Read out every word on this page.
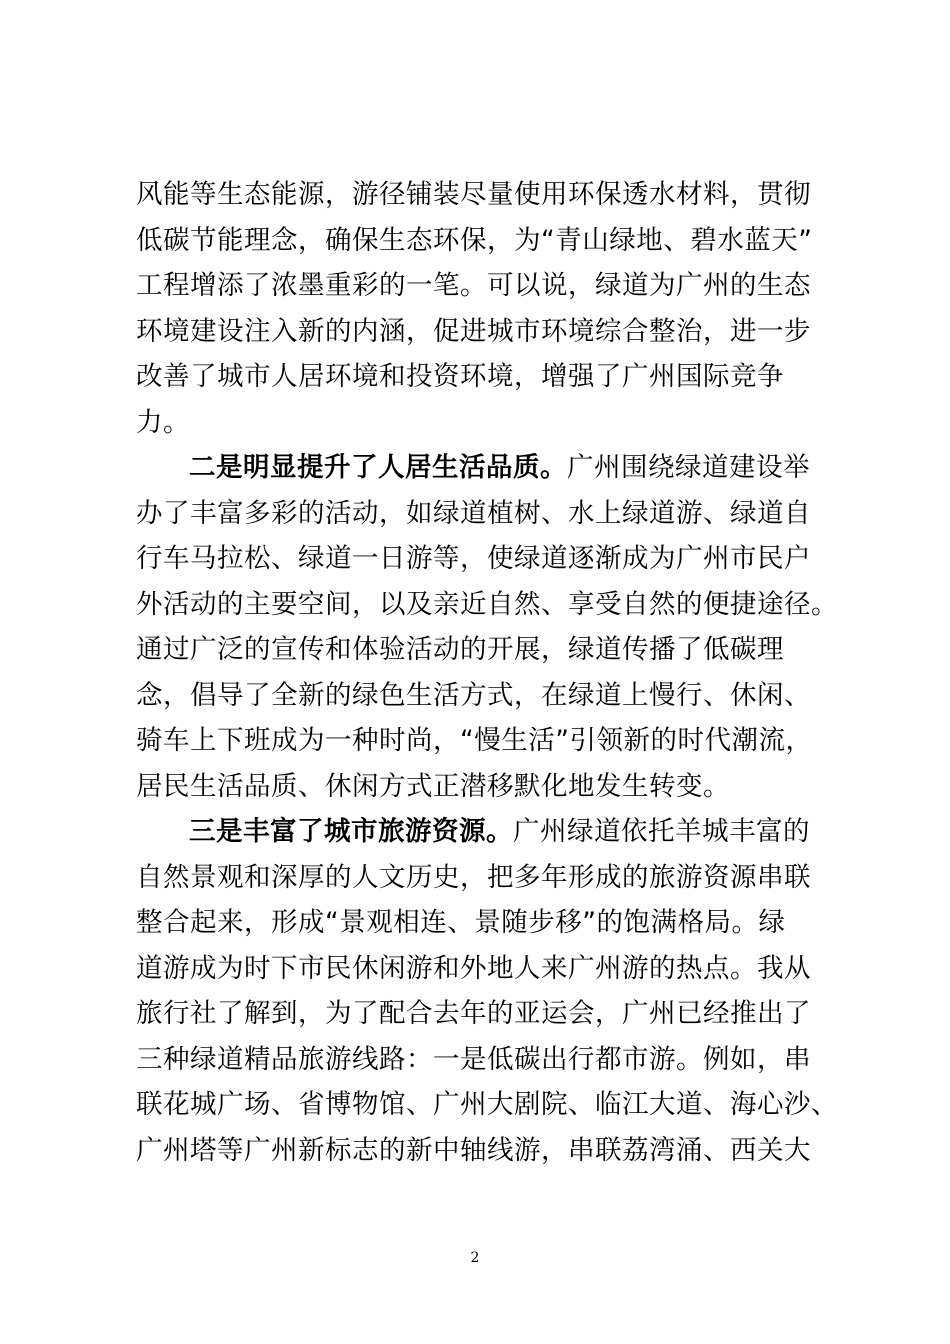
风能等生态能源，游径铺装尽量使用环保透水材料，贯彻
低碳节能理念，确保生态环保，为“青山绿地、碧水蓝天”
工程增添了浓墨重彩的一笔。可以说，绿道为广州的生态
环境建设注入新的内涵，促进城市环境综合整治，进一步
改善了城市人居环境和投资环境，增强了广州国际竞争
力。
二是明显提升了人居生活品质。广州围绕绿道建设举
办了丰富多彩的活动，如绿道植树、水上绿道游、绿道自
行车马拉松、绿道一日游等，使绿道逐渐成为广州市民户
外活动的主要空间，以及亲近自然、享受自然的便捷途径。
通过广泛的宣传和体验活动的开展，绿道传播了低碳理
念，倡导了全新的绿色生活方式，在绿道上慢行、休闲、
骑车上下班成为一种时尚，“慢生活”引领新的时代潮流，
居民生活品质、休闲方式正潜移默化地发生转变。
三是丰富了城市旅游资源。广州绿道依托羊城丰富的
自然景观和深厚的人文历史，把多年形成的旅游资源串联
整合起来，形成“景观相连、景随步移”的饱满格局。绿
道游成为时下市民休闲游和外地人来广州游的热点。我从
旅行社了解到，为了配合去年的亚运会，广州已经推出了
三种绿道精品旅游线路：一是低碳出行都市游。例如，串
联花城广场、省博物馆、广州大剧院、临江大道、海心沙、
广州塔等广州新标志的新中轴线游，串联荔湾涌、西关大
2
